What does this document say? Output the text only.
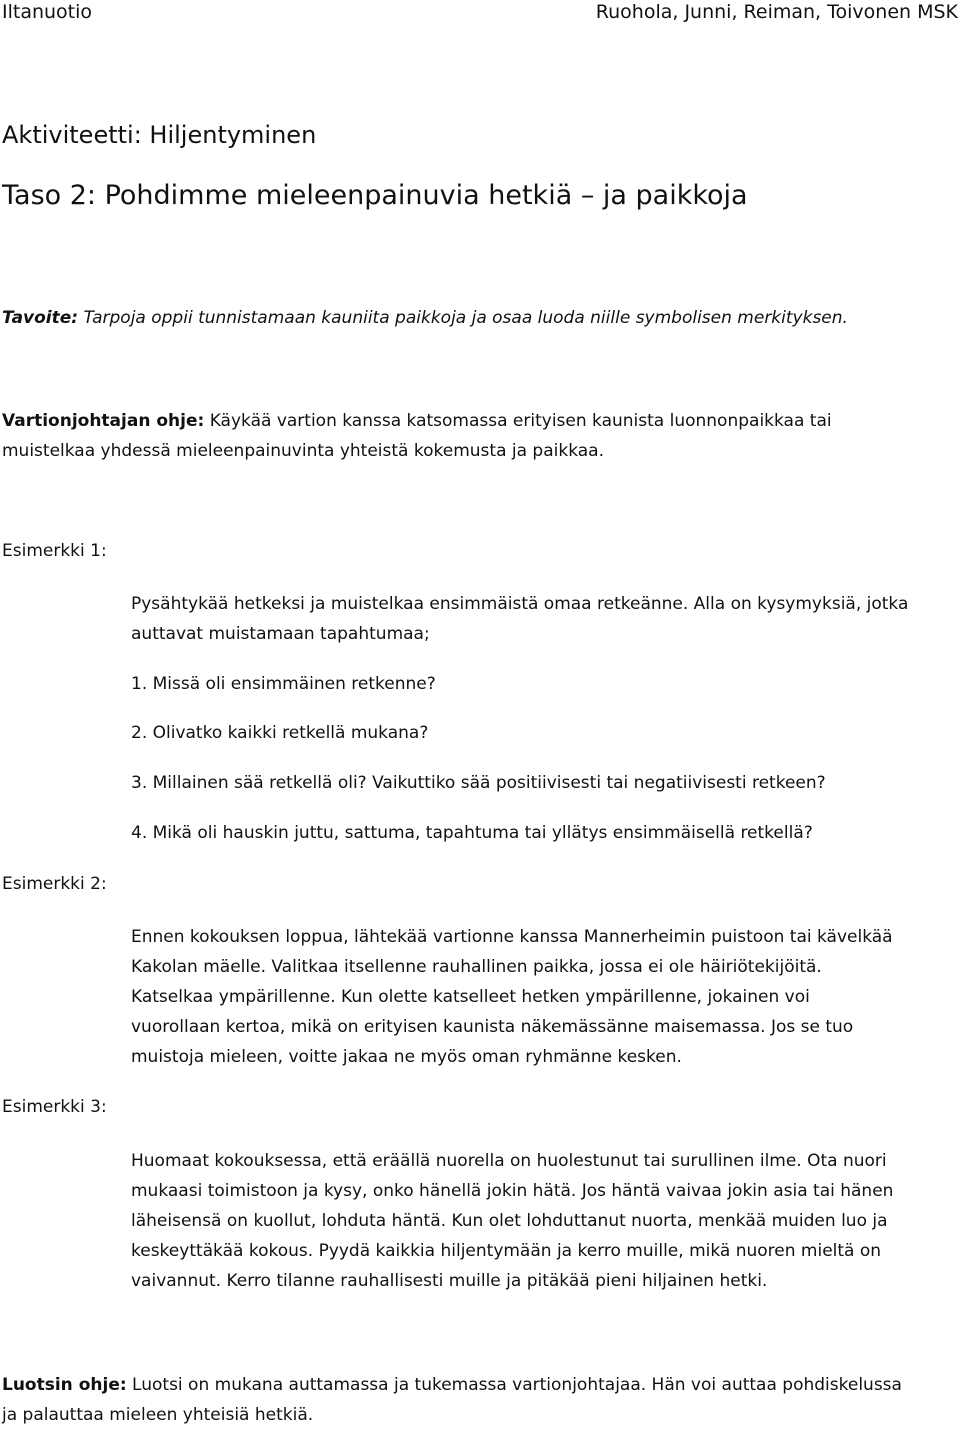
Iltanuotio	Ruohola, Junni, Reiman, Toivonen MSK
Aktiviteetti: Hiljentyminen
Taso 2: Pohdimme mieleenpainuvia hetkiä – ja paikkoja
Tavoite: Tarpoja oppii tunnistamaan kauniita paikkoja ja osaa luoda niille symbolisen merkityksen.
Vartionjohtajan ohje: Käykää vartion kanssa katsomassa erityisen kaunista luonnonpaikkaa tai
muistelkaa yhdessä mieleenpainuvinta yhteistä kokemusta ja paikkaa.
Esimerkki 1:
Pysähtykää hetkeksi ja muistelkaa ensimmäistä omaa retkeänne. Alla on kysymyksiä, jotka
auttavat muistamaan tapahtumaa;
1. Missä oli ensimmäinen retkenne?
2. Olivatko kaikki retkellä mukana?
3. Millainen sää retkellä oli? Vaikuttiko sää positiivisesti tai negatiivisesti retkeen?
4. Mikä oli hauskin juttu, sattuma, tapahtuma tai yllätys ensimmäisellä retkellä?
Esimerkki 2:
Ennen kokouksen loppua, lähtekää vartionne kanssa Mannerheimin puistoon tai kävelkää
Kakolan mäelle. Valitkaa itsellenne rauhallinen paikka, jossa ei ole häiriötekijöitä.
Katselkaa ympärillenne. Kun olette katselleet hetken ympärillenne, jokainen voi
vuorollaan kertoa, mikä on erityisen kaunista näkemässänne maisemassa. Jos se tuo
muistoja mieleen, voitte jakaa ne myös oman ryhmänne kesken.
Esimerkki 3:
Huomaat kokouksessa, että eräällä nuorella on huolestunut tai surullinen ilme. Ota nuori
mukaasi toimistoon ja kysy, onko hänellä jokin hätä. Jos häntä vaivaa jokin asia tai hänen
läheisensä on kuollut, lohduta häntä. Kun olet lohduttanut nuorta, menkää muiden luo ja
keskeyttäkää kokous. Pyydä kaikkia hiljentymään ja kerro muille, mikä nuoren mieltä on
vaivannut. Kerro tilanne rauhallisesti muille ja pitäkää pieni hiljainen hetki.
Luotsin ohje: Luotsi on mukana auttamassa ja tukemassa vartionjohtajaa. Hän voi auttaa pohdiskelussa
ja palauttaa mieleen yhteisiä hetkiä.
